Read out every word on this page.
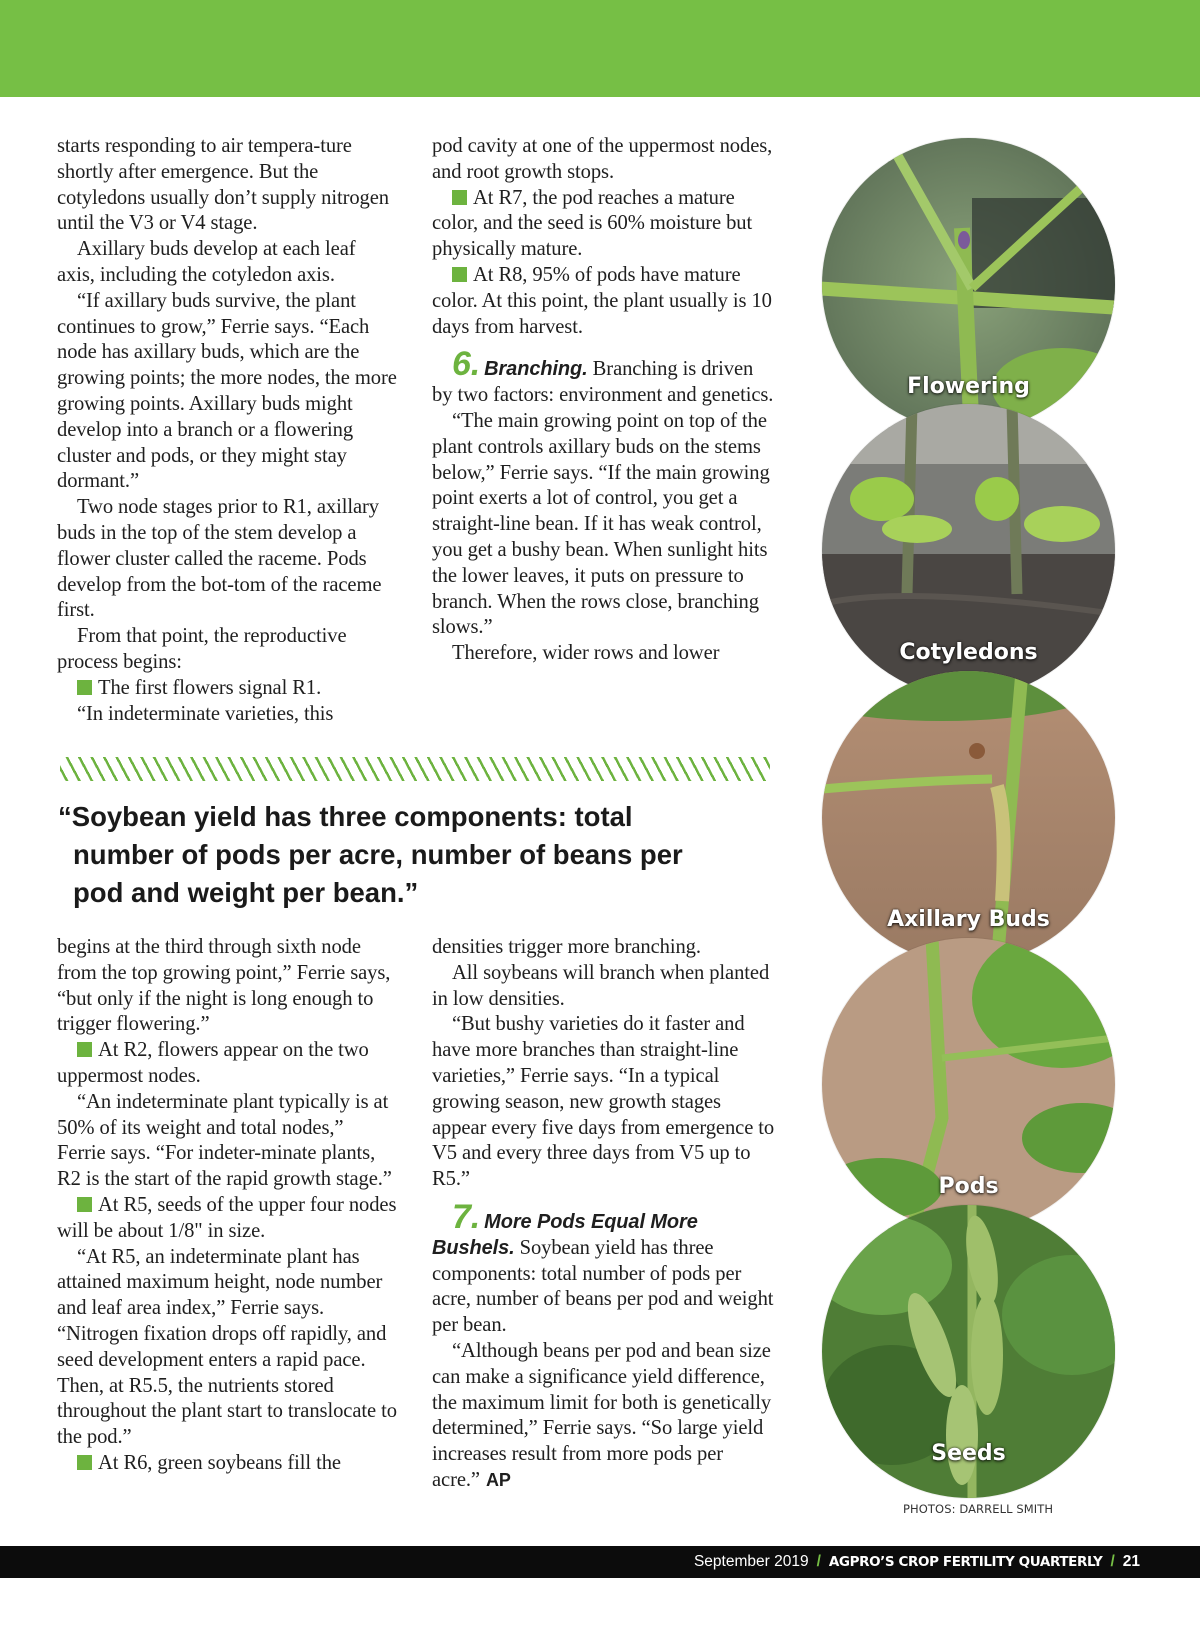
starts responding to air tempera-ture shortly after emergence. But the cotyledons usually don’t supply nitrogen until the V3 or V4 stage.

Axillary buds develop at each leaf axis, including the cotyledon axis.

“If axillary buds survive, the plant continues to grow,” Ferrie says. “Each node has axillary buds, which are the growing points; the more nodes, the more growing points. Axillary buds might develop into a branch or a flowering cluster and pods, or they might stay dormant.”

Two node stages prior to R1, axillary buds in the top of the stem develop a flower cluster called the raceme. Pods develop from the bot-tom of the raceme first.

From that point, the reproductive process begins:

The first flowers signal R1.

“In indeterminate varieties, this

pod cavity at one of the uppermost nodes, and root growth stops.

At R7, the pod reaches a mature color, and the seed is 60% moisture but physically mature.

At R8, 95% of pods have mature color. At this point, the plant usually is 10 days from harvest.

6. Branching. Branching is driven by two factors: environment and genetics.

“The main growing point on top of the plant controls axillary buds on the stems below,” Ferrie says. “If the main growing point exerts a lot of control, you get a straight-line bean. If it has weak control, you get a bushy bean. When sunlight hits the lower leaves, it puts on pressure to branch. When the rows close, branching slows.”

Therefore, wider rows and lower

“Soybean yield has three components: total
number of pods per acre, number of beans per
pod and weight per bean.”

begins at the third through sixth node from the top growing point,” Ferrie says, “but only if the night is long enough to trigger flowering.”

At R2, flowers appear on the two uppermost nodes.

“An indeterminate plant typically is at 50% of its weight and total nodes,” Ferrie says. “For indeter-minate plants, R2 is the start of the rapid growth stage.”

At R5, seeds of the upper four nodes will be about 1/8" in size.

“At R5, an indeterminate plant has attained maximum height, node number and leaf area index,” Ferrie says. “Nitrogen fixation drops off rapidly, and seed development enters a rapid pace. Then, at R5.5, the nutrients stored throughout the plant start to translocate to the pod.”

At R6, green soybeans fill the

densities trigger more branching.

All soybeans will branch when planted in low densities.

“But bushy varieties do it faster and have more branches than straight-line varieties,” Ferrie says. “In a typical growing season, new growth stages appear every five days from emergence to V5 and every three days from V5 up to R5.”

7. More Pods Equal More Bushels. Soybean yield has three components: total number of pods per acre, number of beans per pod and weight per bean.

“Although beans per pod and bean size can make a significance yield difference, the maximum limit for both is genetically determined,” Ferrie says. “So large yield increases result from more pods per acre.” AP

Flowering
Cotyledons
Axillary Buds
Pods
Seeds
PHOTOS: DARRELL SMITH
September 2019 / AGPRO’S CROP FERTILITY QUARTERLY / 21
